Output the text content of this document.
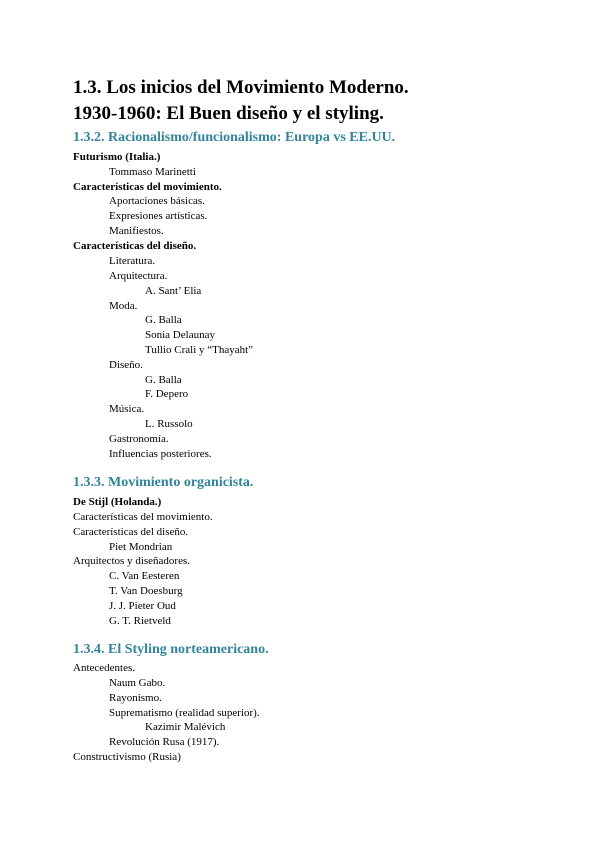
1.3. Los inicios del Movimiento Moderno.
1930-1960: El Buen diseño y el styling.
1.3.2. Racionalismo/funcionalismo: Europa vs EE.UU.
Futurismo (Italia.)
Tommaso Marinetti
Características del movimiento.
Aportaciones básicas.
Expresiones artísticas.
Manifiestos.
Características del diseño.
Literatura.
Arquitectura.
A. Sant’ Elia
Moda.
G. Balla
Sonia Delaunay
Tullio Crali y “Thayaht”
Diseño.
G. Balla
F. Depero
Música.
L. Russolo
Gastronomía.
Influencias posteriores.
1.3.3. Movimiento organicista.
De Stijl (Holanda.)
Características del movimiento.
Características del diseño.
Piet Mondrian
Arquitectos y diseñadores.
C. Van Eesteren
T. Van Doesburg
J. J. Pieter Oud
G. T. Rietveld
1.3.4. El Styling norteamericano.
Antecedentes.
Naum Gabo.
Rayonismo.
Suprematismo (realidad superior).
Kazimir Malévich
Revolución Rusa (1917).
Constructivismo (Rusia)
